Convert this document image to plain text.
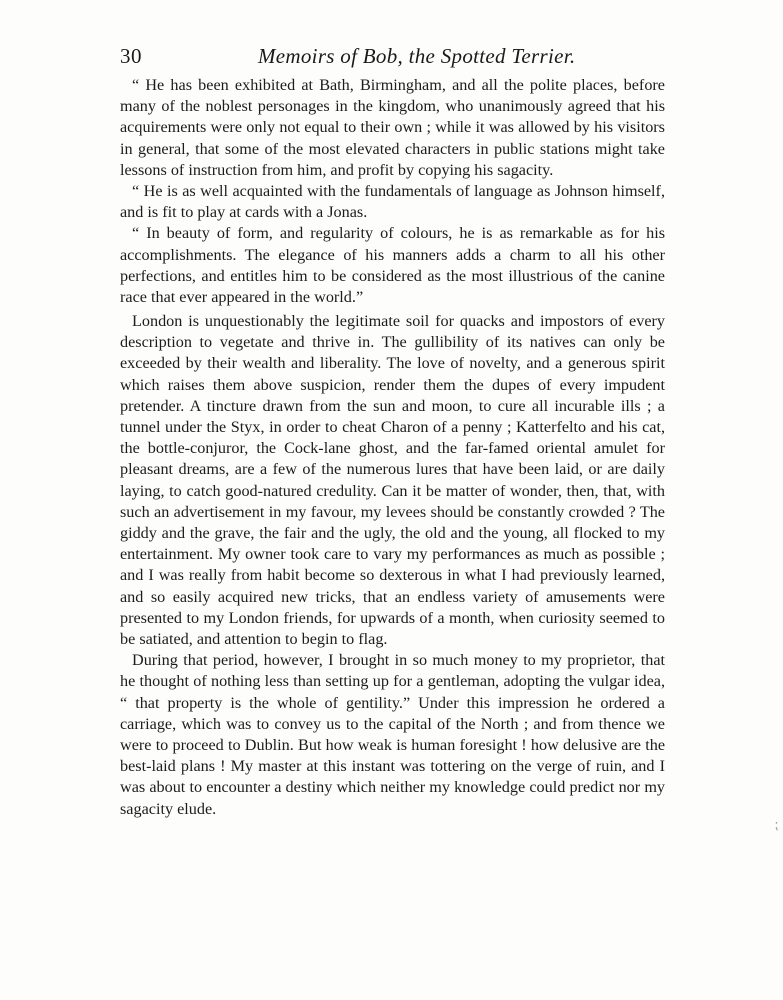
30	Memoirs of Bob, the Spotted Terrier.

“ He has been exhibited at Bath, Birmingham, and all the polite places, before many of the noblest personages in the kingdom, who unanimously agreed that his acquirements were only not equal to their own ; while it was allowed by his visitors in general, that some of the most elevated characters in public stations might take lessons of instruction from him, and profit by copying his sagacity.

“ He is as well acquainted with the fundamentals of language as Johnson himself, and is fit to play at cards with a Jonas.

“ In beauty of form, and regularity of colours, he is as remarkable as for his accomplishments. The elegance of his manners adds a charm to all his other perfections, and entitles him to be considered as the most illustrious of the canine race that ever appeared in the world.”

London is unquestionably the legitimate soil for quacks and impostors of every description to vegetate and thrive in. The gullibility of its natives can only be exceeded by their wealth and liberality. The love of novelty, and a generous spirit which raises them above suspicion, render them the dupes of every impudent pretender. A tincture drawn from the sun and moon, to cure all incurable ills ; a tunnel under the Styx, in order to cheat Charon of a penny ; Katterfelto and his cat, the bottle-conjuror, the Cock-lane ghost, and the far-famed oriental amulet for pleasant dreams, are a few of the numerous lures that have been laid, or are daily laying, to catch good-natured credulity. Can it be matter of wonder, then, that, with such an advertisement in my favour, my levees should be constantly crowded ? The giddy and the grave, the fair and the ugly, the old and the young, all flocked to my entertainment. My owner took care to vary my performances as much as possible ; and I was really from habit become so dexterous in what I had previously learned, and so easily acquired new tricks, that an endless variety of amusements were presented to my London friends, for upwards of a month, when curiosity seemed to be satiated, and attention to begin to flag.

During that period, however, I brought in so much money to my proprietor, that he thought of nothing less than setting up for a gentleman, adopting the vulgar idea, “ that property is the whole of gentility.” Under this impression he ordered a carriage, which was to convey us to the capital of the North ; and from thence we were to proceed to Dublin. But how weak is human foresight ! how delusive are the best-laid plans ! My master at this instant was tottering on the verge of ruin, and I was about to encounter a destiny which neither my knowledge could predict nor my sagacity elude.

⁏
